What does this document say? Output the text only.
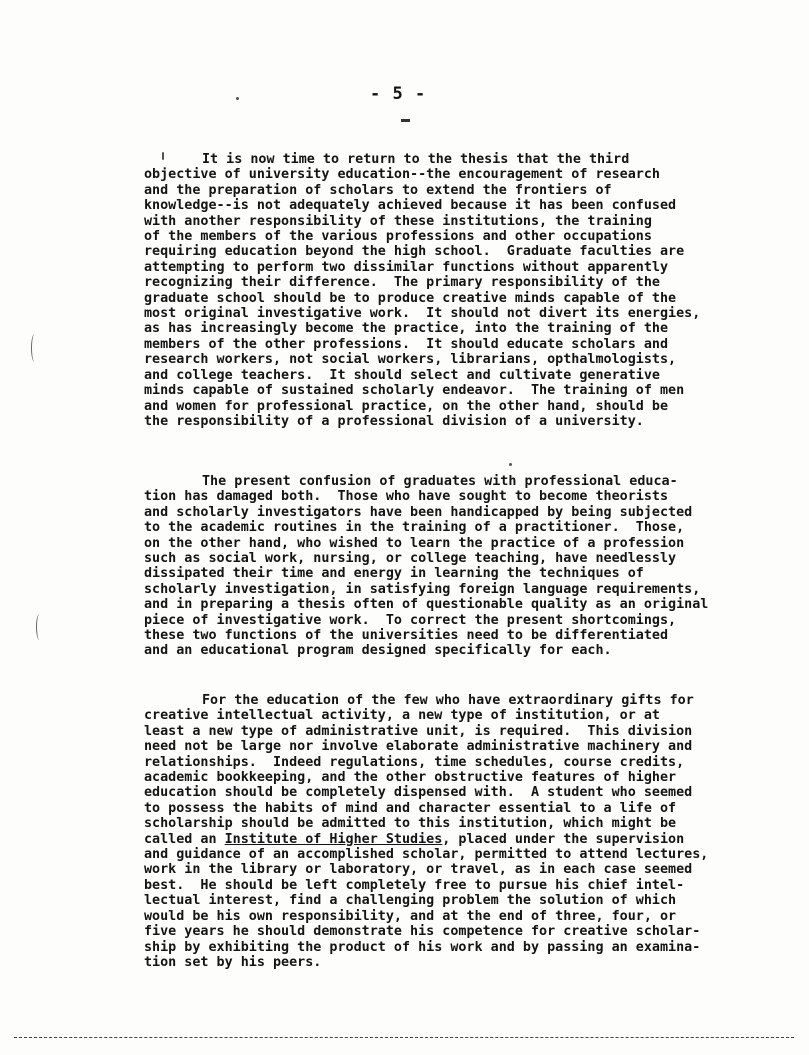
- 5 -
It is now time to return to the thesis that the third
objective of university education--the encouragement of research
and the preparation of scholars to extend the frontiers of
knowledge--is not adequately achieved because it has been confused
with another responsibility of these institutions, the training
of the members of the various professions and other occupations
requiring education beyond the high school.  Graduate faculties are
attempting to perform two dissimilar functions without apparently
recognizing their difference.  The primary responsibility of the
graduate school should be to produce creative minds capable of the
most original investigative work.  It should not divert its energies,
as has increasingly become the practice, into the training of the
members of the other professions.  It should educate scholars and
research workers, not social workers, librarians, opthalmologists,
and college teachers.  It should select and cultivate generative
minds capable of sustained scholarly endeavor.  The training of men
and women for professional practice, on the other hand, should be
the responsibility of a professional division of a university.
The present confusion of graduates with professional educa-
tion has damaged both.  Those who have sought to become theorists
and scholarly investigators have been handicapped by being subjected
to the academic routines in the training of a practitioner.  Those,
on the other hand, who wished to learn the practice of a profession
such as social work, nursing, or college teaching, have needlessly
dissipated their time and energy in learning the techniques of
scholarly investigation, in satisfying foreign language requirements,
and in preparing a thesis often of questionable quality as an original
piece of investigative work.  To correct the present shortcomings,
these two functions of the universities need to be differentiated
and an educational program designed specifically for each.
For the education of the few who have extraordinary gifts for
creative intellectual activity, a new type of institution, or at
least a new type of administrative unit, is required.  This division
need not be large nor involve elaborate administrative machinery and
relationships.  Indeed regulations, time schedules, course credits,
academic bookkeeping, and the other obstructive features of higher
education should be completely dispensed with.  A student who seemed
to possess the habits of mind and character essential to a life of
scholarship should be admitted to this institution, which might be
called an Institute of Higher Studies, placed under the supervision
and guidance of an accomplished scholar, permitted to attend lectures,
work in the library or laboratory, or travel, as in each case seemed
best.  He should be left completely free to pursue his chief intel-
lectual interest, find a challenging problem the solution of which
would be his own responsibility, and at the end of three, four, or
five years he should demonstrate his competence for creative scholar-
ship by exhibiting the product of his work and by passing an examina-
tion set by his peers.
